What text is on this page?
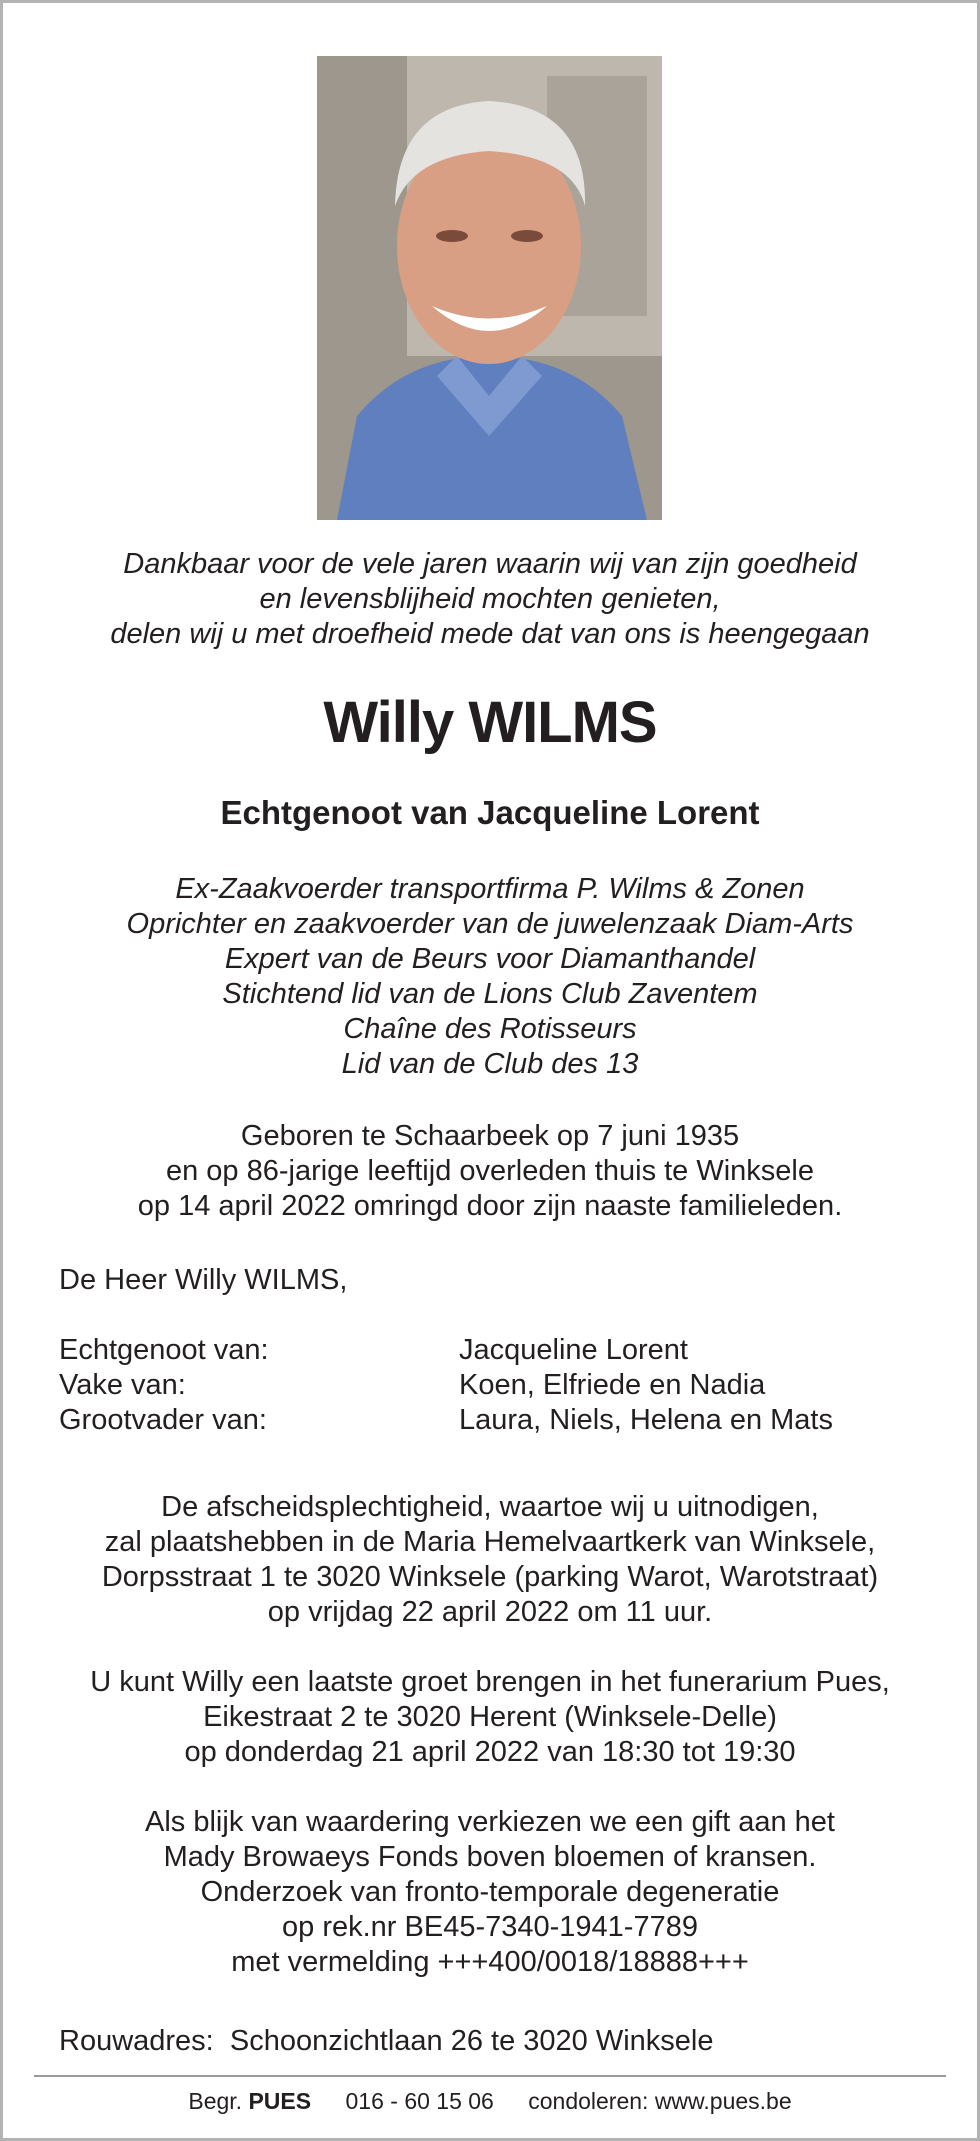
Dankbaar voor de vele jaren waarin wij van zijn goedheid
en levensblijheid mochten genieten,
delen wij u met droefheid mede dat van ons is heengegaan
Willy WILMS
Echtgenoot van Jacqueline Lorent
Ex-Zaakvoerder transportfirma P. Wilms & Zonen
Oprichter en zaakvoerder van de juwelenzaak Diam-Arts
Expert van de Beurs voor Diamanthandel
Stichtend lid van de Lions Club Zaventem
Chaîne des Rotisseurs
Lid van de Club des 13
Geboren te Schaarbeek op 7 juni 1935
en op 86-jarige leeftijd overleden thuis te Winksele
op 14 april 2022 omringd door zijn naaste familieleden.
De Heer Willy WILMS,
Echtgenoot van:	Jacqueline Lorent
Vake van:	Koen, Elfriede en Nadia
Grootvader van:	Laura, Niels, Helena en Mats
De afscheidsplechtigheid, waartoe wij u uitnodigen,
zal plaatshebben in de Maria Hemelvaartkerk van Winksele,
Dorpsstraat 1 te 3020 Winksele (parking Warot, Warotstraat)
op vrijdag 22 april 2022 om 11 uur.
U kunt Willy een laatste groet brengen in het funerarium Pues,
Eikestraat 2 te 3020 Herent (Winksele-Delle)
op donderdag 21 april 2022 van 18:30 tot 19:30
Als blijk van waardering verkiezen we een gift aan het
Mady Browaeys Fonds boven bloemen of kransen.
Onderzoek van fronto-temporale degeneratie
op rek.nr BE45-7340-1941-7789
met vermelding +++400/0018/18888+++
Rouwadres:  Schoonzichtlaan 26 te 3020 Winksele
Begr. PUES 016 - 60 15 06 condoleren: www.pues.be
